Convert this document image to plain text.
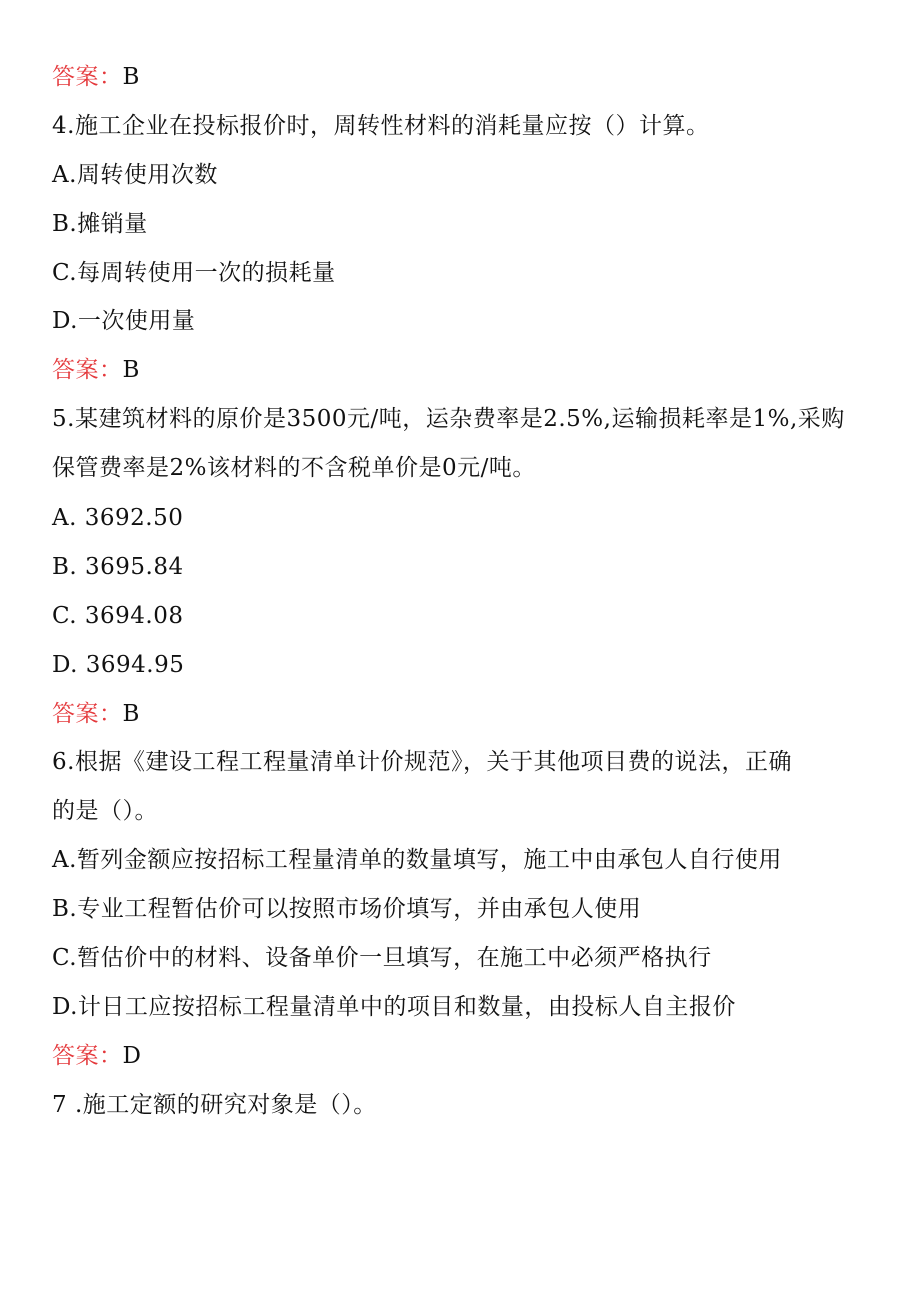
答案：B
4.施工企业在投标报价时，周转性材料的消耗量应按（）计算。
A.周转使用次数
B.摊销量
C.每周转使用一次的损耗量
D.一次使用量
答案：B
5.某建筑材料的原价是3500元/吨，运杂费率是2.5%,运输损耗率是1%,采购
保管费率是2%该材料的不含税单价是0元/吨。
A. 3692.50
B. 3695.84
C. 3694.08
D. 3694.95
答案：B
6.根据《建设工程工程量清单计价规范》，关于其他项目费的说法，正确
的是（）。
A.暂列金额应按招标工程量清单的数量填写，施工中由承包人自行使用
B.专业工程暂估价可以按照市场价填写，并由承包人使用
C.暂估价中的材料、设备单价一旦填写，在施工中必须严格执行
D.计日工应按招标工程量清单中的项目和数量，由投标人自主报价
答案：D
7 .施工定额的研究对象是（）。
